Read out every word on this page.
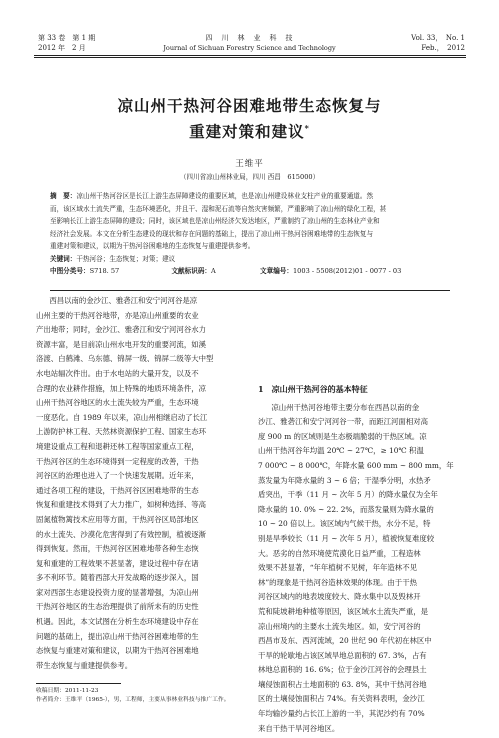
第 33 卷　第 1 期
2012 年　2 月
四　川　林　业　科　技
Journal of Sichuan Forestry Science and Technology
Vol. 33，　No. 1
Feb.，　2012
凉山州干热河谷困难地带生态恢复与
重建对策和建议*
王维平
（四川省凉山州林业局，四川 西昌　615000）
摘　要：凉山州干热河谷区是长江上游生态屏障建设的重要区域，也是凉山州建设林业支柱产业的重要通道。然
而，该区域水土流失严重，生态环境恶化，并且干、湿和泥石流等自然灾害频繁，严重影响了凉山州的绿化工程，甚
至影响长江上游生态屏障的建设；同时，该区域也是凉山州经济欠发达地区，严重制约了凉山州的生态林业产业和
经济社会发展。本文在分析生态建设的现状和存在问题的基础上，提出了凉山州干热河谷困难地带的生态恢复与
重建对策和建议，以期为干热河谷困难地的生态恢复与重建提供参考。
关键词：干热河谷；生态恢复；对策；建议
中图分类号：S718. 57	文献标识码：A	文章编号：1003 - 5508(2012)01 - 0077 - 03
西昌以南的金沙江、雅砻江和安宁河河谷是凉
山州主要的干热河谷地带，亦是凉山州重要的农业
产出地带；同时，金沙江、雅砻江和安宁河河谷水力
资源丰富，是目前凉山州水电开发的重要河流，如溪
洛渡、白鹤滩、乌东德、锦屏一级、锦屏二级等大中型
水电站辐次件出。由于水电站的大量开发，以及不
合理的农业耕作措施，加上特殊的地质环境条件，凉
山州干热河谷地区的水土流失较为严重，生态环境
一度恶化。自 1989 年以来，凉山州相继启动了长江
上游防护林工程、天然林资源保护工程、国家生态环
境建设重点工程和退耕还林工程等国家重点工程，
干热河谷区的生态环境得到一定程度的改善，干热
河谷区的治理也进入了一个快速发展期。近年来，
通过各项工程的建设，干热河谷区困难地带的生态
恢复和重建技术得到了大力推广，如树种选择、等高
固氮植物篱技术应用等方面，干热河谷区局部地区
的水土流失、沙漠化危害得到了有效控制，植被逐渐
得到恢复。然而，干热河谷区困难地带各种生态恢
复和重建的工程效果不甚显著，建设过程中存在诸
多不利环节。随着西部大开发战略的逐步深入，国
家对西部生态建设投资力度的显著增强，为凉山州
干热河谷地区的生态治理提供了前所未有的历史性
机遇。因此，本文试图在分析生态环境建设中存在
问题的基础上，提出凉山州干热河谷困难地带的生
态恢复与重建对策和建议，以期为干热河谷困难地
带生态恢复与重建提供参考。
1　凉山州干热河谷的基本特征
凉山州干热河谷地带主要分布在西昌以南的金
沙江、雅砻江和安宁河河谷一带，而距江河面相对高
度 900 m 的区域则是生态极端脆弱的干热区域。凉
山州干热河谷年均温 20℃ ~ 27℃，≥ 10℃ 积温
7 000℃ ~ 8 000℃，年降水量 600 mm ~ 800 mm，年
蒸发量为年降水量的 3 ~ 6 倍；干湿季分明，水热矛
盾突出，干季（11 月 ~ 次年 5 月）的降水量仅为全年
降水量的 10. 0% ~ 22. 2%，而蒸发量则为降水量的
10 ~ 20 倍以上。该区域内气候干热，水分不足，特
别是旱季较长（11 月 ~ 次年 5 月），植被恢复难度较
大。恶劣的自然环境使荒漠化日益严重，工程造林
效果不甚显著，“年年植树不见树，年年造林不见
林”的现象是干热河谷造林效果的体现。由于干热
河谷区域内的地表坡度较大、降水集中以及毁林开
荒和陡坡耕地种植等原因，该区域水土流失严重，是
凉山州境内的主要水土流失地区。如，安宁河谷的
西昌市及东、西河流域，20 世纪 90 年代初在林区中
干旱的轮歇地占该区域旱地总面积的 67. 3%，占有
林地总面积的 16. 6%；位于金沙江河谷的会理县土
壤侵蚀面积占土地面积的 63. 8%，其中干热河谷地
区的土壤侵蚀面积占 74%。有关资料表明，金沙江
年均输沙量约占长江上游的一半，其泥沙约有 70%
来自干热干旱河谷地区。
收稿日期：2011-11-23
作者简介：王维平（1965-），男，工程师，主要从事林业科技与推广工作。
